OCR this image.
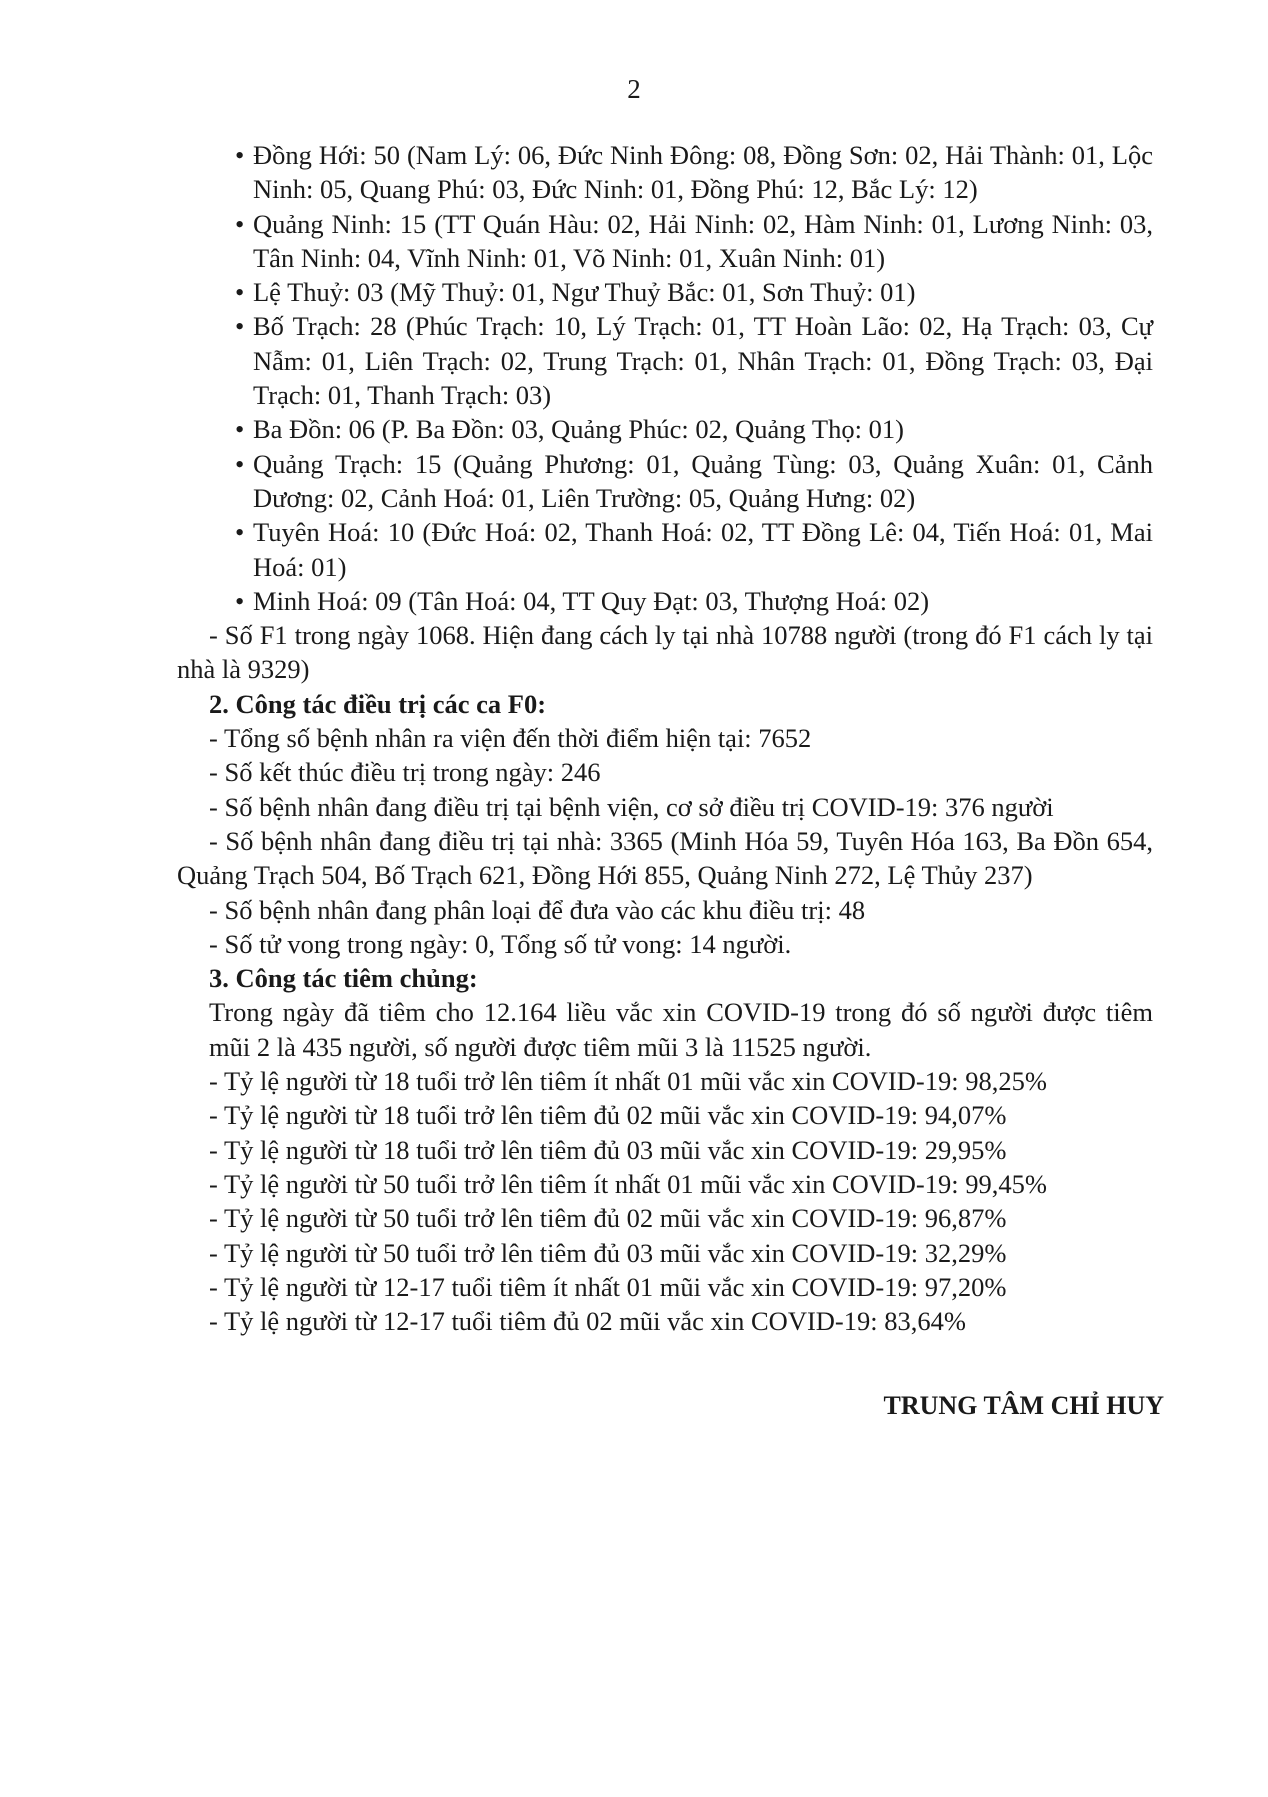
2
• Đồng Hới: 50 (Nam Lý: 06, Đức Ninh Đông: 08, Đồng Sơn: 02, Hải Thành: 01, Lộc Ninh: 05, Quang Phú: 03, Đức Ninh: 01, Đồng Phú: 12, Bắc Lý: 12)
• Quảng Ninh: 15 (TT Quán Hàu: 02, Hải Ninh: 02, Hàm Ninh: 01, Lương Ninh: 03, Tân Ninh: 04, Vĩnh Ninh: 01, Võ Ninh: 01, Xuân Ninh: 01)
• Lệ Thuỷ: 03 (Mỹ Thuỷ: 01, Ngư Thuỷ Bắc: 01, Sơn Thuỷ: 01)
• Bố Trạch: 28 (Phúc Trạch: 10, Lý Trạch: 01, TT Hoàn Lão: 02, Hạ Trạch: 03, Cự Nẫm: 01, Liên Trạch: 02, Trung Trạch: 01, Nhân Trạch: 01, Đồng Trạch: 03, Đại Trạch: 01, Thanh Trạch: 03)
• Ba Đồn: 06 (P. Ba Đồn: 03, Quảng Phúc: 02, Quảng Thọ: 01)
• Quảng Trạch: 15 (Quảng Phương: 01, Quảng Tùng: 03, Quảng Xuân: 01, Cảnh Dương: 02, Cảnh Hoá: 01, Liên Trường: 05, Quảng Hưng: 02)
• Tuyên Hoá: 10 (Đức Hoá: 02, Thanh Hoá: 02, TT Đồng Lê: 04, Tiến Hoá: 01, Mai Hoá: 01)
• Minh Hoá: 09 (Tân Hoá: 04, TT Quy Đạt: 03, Thượng Hoá: 02)

- Số F1 trong ngày 1068. Hiện đang cách ly tại nhà 10788 người (trong đó F1 cách ly tại nhà là 9329)

2. Công tác điều trị các ca F0:

- Tổng số bệnh nhân ra viện đến thời điểm hiện tại: 7652

- Số kết thúc điều trị trong ngày: 246

- Số bệnh nhân đang điều trị tại bệnh viện, cơ sở điều trị COVID-19: 376 người

- Số bệnh nhân đang điều trị tại nhà: 3365 (Minh Hóa 59, Tuyên Hóa 163, Ba Đồn 654, Quảng Trạch 504, Bố Trạch 621, Đồng Hới 855, Quảng Ninh 272, Lệ Thủy 237)

- Số bệnh nhân đang phân loại để đưa vào các khu điều trị: 48

- Số tử vong trong ngày: 0, Tổng số tử vong: 14 người.

3. Công tác tiêm chủng:

Trong ngày đã tiêm cho 12.164 liều vắc xin COVID-19 trong đó số người được tiêm mũi 2 là 435 người, số người được tiêm mũi 3 là 11525 người.

- Tỷ lệ người từ 18 tuổi trở lên tiêm ít nhất 01 mũi vắc xin COVID-19: 98,25%

- Tỷ lệ người từ 18 tuổi trở lên tiêm đủ 02 mũi vắc xin COVID-19: 94,07%

- Tỷ lệ người từ 18 tuổi trở lên tiêm đủ 03 mũi vắc xin COVID-19: 29,95%

- Tỷ lệ người từ 50 tuổi trở lên tiêm ít nhất 01 mũi vắc xin COVID-19: 99,45%

- Tỷ lệ người từ 50 tuổi trở lên tiêm đủ 02 mũi vắc xin COVID-19: 96,87%

- Tỷ lệ người từ 50 tuổi trở lên tiêm đủ 03 mũi vắc xin COVID-19: 32,29%

- Tỷ lệ người từ 12-17 tuổi tiêm ít nhất 01 mũi vắc xin COVID-19: 97,20%

- Tỷ lệ người từ 12-17 tuổi tiêm đủ 02 mũi vắc xin COVID-19: 83,64%

TRUNG TÂM CHỈ HUY
